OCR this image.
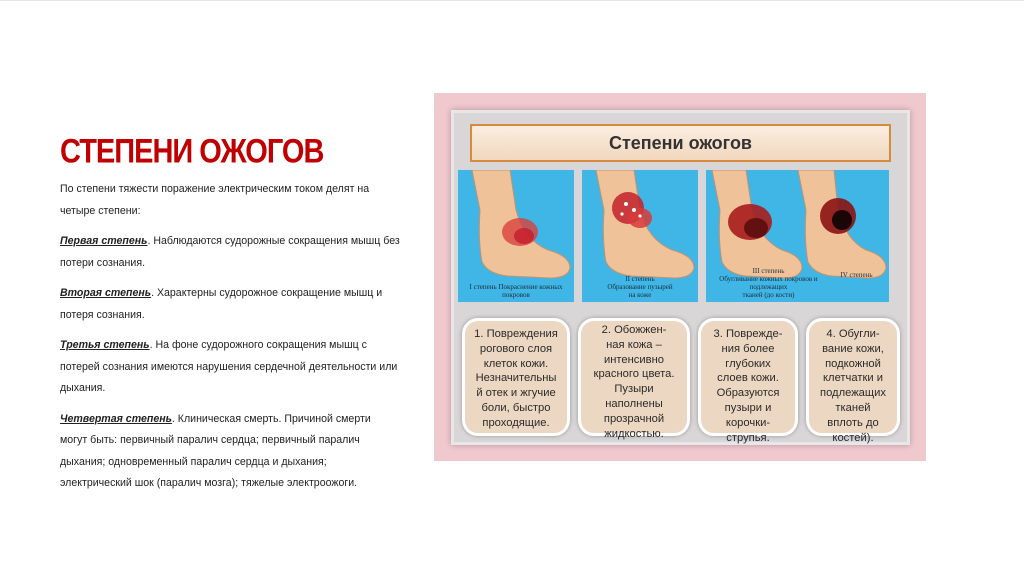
СТЕПЕНИ ОЖОГОВ

По степени тяжести поражение электрическим током делят на четыре степени:

Первая степень. Наблюдаются судорожные сокращения мышц без потери сознания.

Вторая степень. Характерны судорожное сокращение мышц и потеря сознания.

Третья степень. На фоне судорожного сокращения мышц с потерей сознания имеются нарушения сердечной деятельности или дыхания.

Четвертая степень. Клиническая смерть. Причиной смерти могут быть: первичный паралич сердца; первичный паралич дыхания; одновременный паралич сердца и дыхания; электрический шок (паралич мозга); тяжелые электроожоги.

Степени ожогов
I степень Покраснение кожных покровов
II степень
Образование пузырей
на коже
III степень
Обугливание кожных покровов и подлежащих
тканей (до кости)
IV степень
1. Повреждения
рогового слоя
клеток кожи.
Незначительны
й отек и жгучие
боли, быстро
проходящие.
2. Обожжен-
ная кожа –
интенсивно
красного цвета.
Пузыри
наполнены
прозрачной
жидкостью.
3. Поврежде-
ния более
глубоких
слоев кожи.
Образуются
пузыри и
корочки-
струпья.
4. Обугли-
вание кожи,
подкожной
клетчатки и
подлежащих
тканей
вплоть до
костей).
